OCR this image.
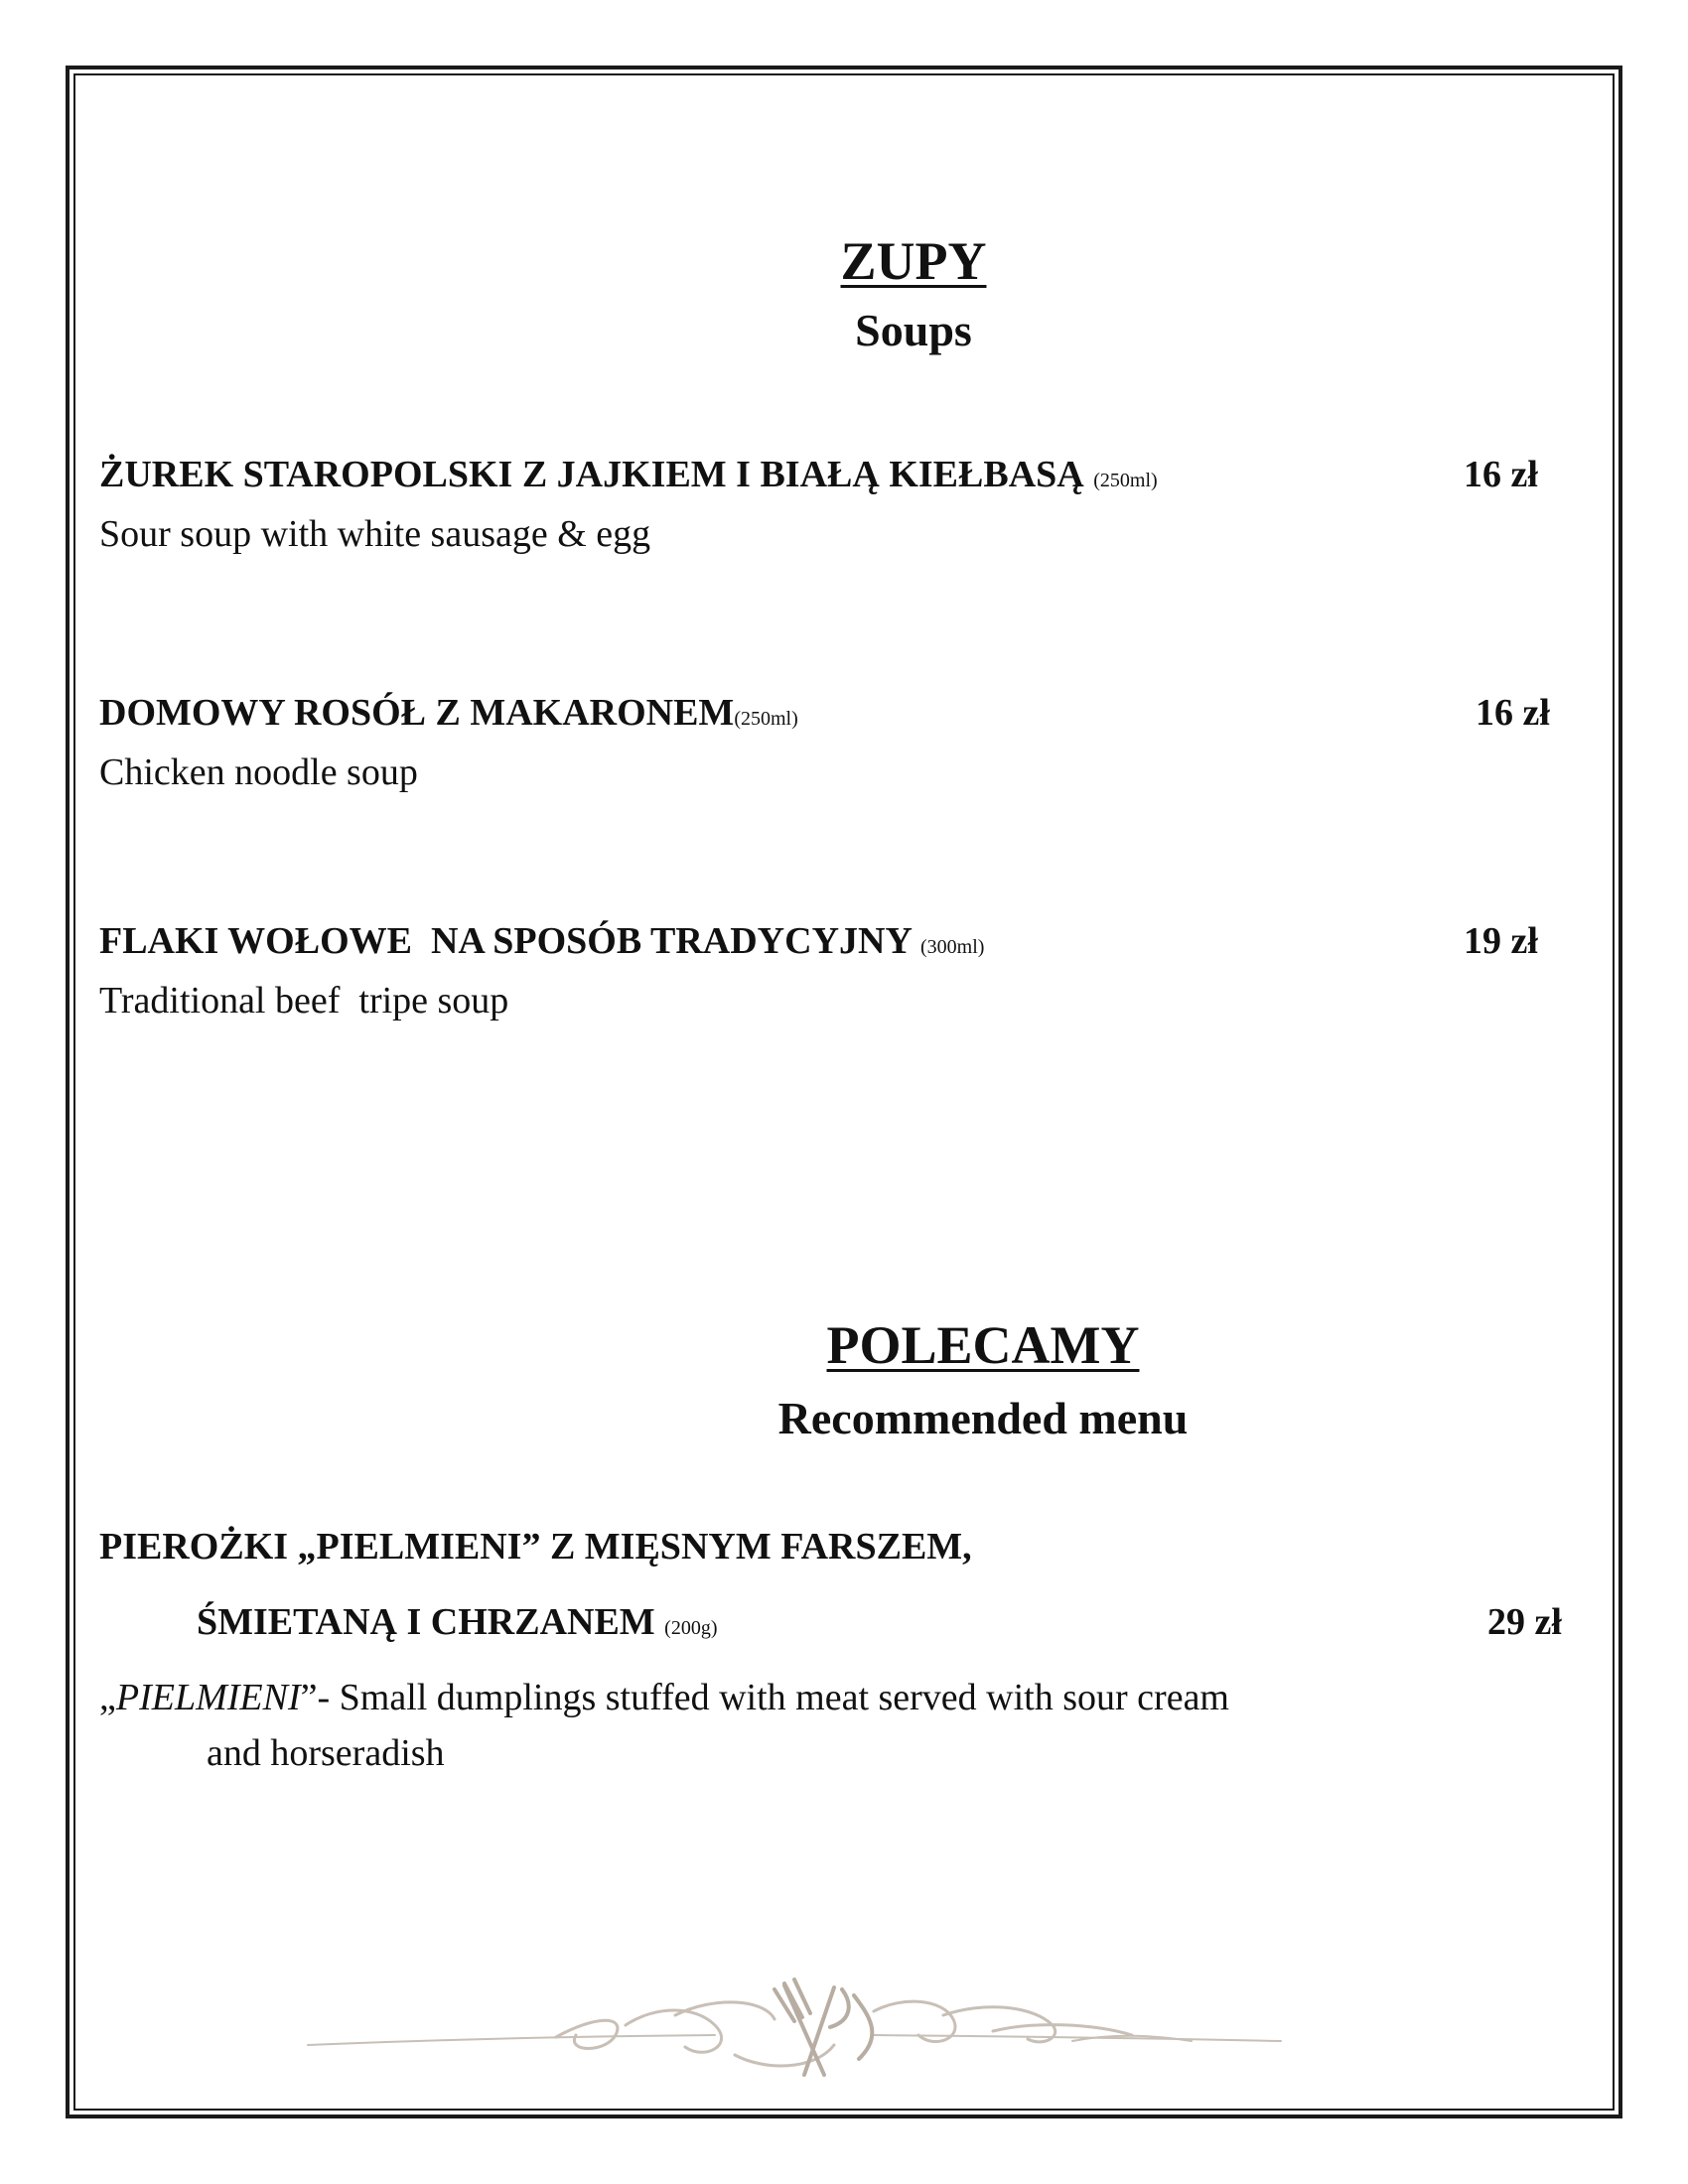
ZUPY
Soups

ŻUREK STAROPOLSKI Z JAJKIEM I BIAŁĄ KIEŁBASĄ (250ml)	16 zł

Sour soup with white sausage & egg

DOMOWY ROSÓŁ Z MAKARONEM(250ml)	16 zł

Chicken noodle soup

FLAKI WOŁOWE  NA SPOSÓB TRADYCYJNY (300ml)	19 zł

Traditional beef  tripe soup

POLECAMY
Recommended menu

PIEROŻKI „PIELMIENI” Z MIĘSNYM FARSZEM,

ŚMIETANĄ I CHRZANEM (200g)	29 zł

„PIELMIENI”- Small dumplings stuffed with meat served with sour cream

and horseradish
